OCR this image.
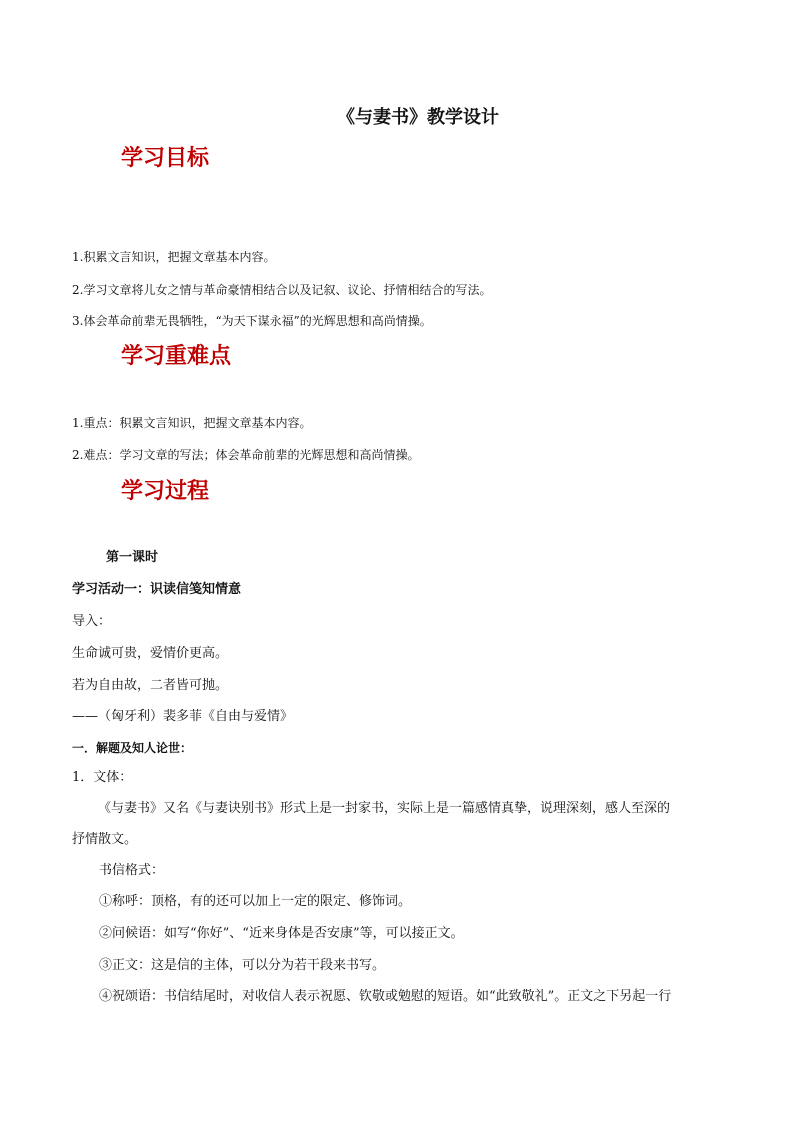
《与妻书》教学设计
学习目标
1.积累文言知识，把握文章基本内容。
2.学习文章将儿女之情与革命豪情相结合以及记叙、议论、抒情相结合的写法。
3.体会革命前辈无畏牺牲，“为天下谋永福”的光辉思想和高尚情操。
学习重难点
1.重点：积累文言知识，把握文章基本内容。
2.难点：学习文章的写法；体会革命前辈的光辉思想和高尚情操。
学习过程
第一课时
学习活动一：识读信笺知情意
导入：
生命诚可贵，爱情价更高。
若为自由故，二者皆可抛。
——（匈牙利）裴多菲《自由与爱情》
一．解题及知人论世：
1．文体：
《与妻书》又名《与妻诀别书》形式上是一封家书，实际上是一篇感情真挚，说理深刻，感人至深的
抒情散文。
书信格式：
①称呼：顶格，有的还可以加上一定的限定、修饰词。
②问候语：如写“你好”、“近来身体是否安康”等，可以接正文。
③正文：这是信的主体，可以分为若干段来书写。
④祝颂语：书信结尾时，对收信人表示祝愿、钦敬或勉慰的短语。如“此致敬礼”。正文之下另起一行
